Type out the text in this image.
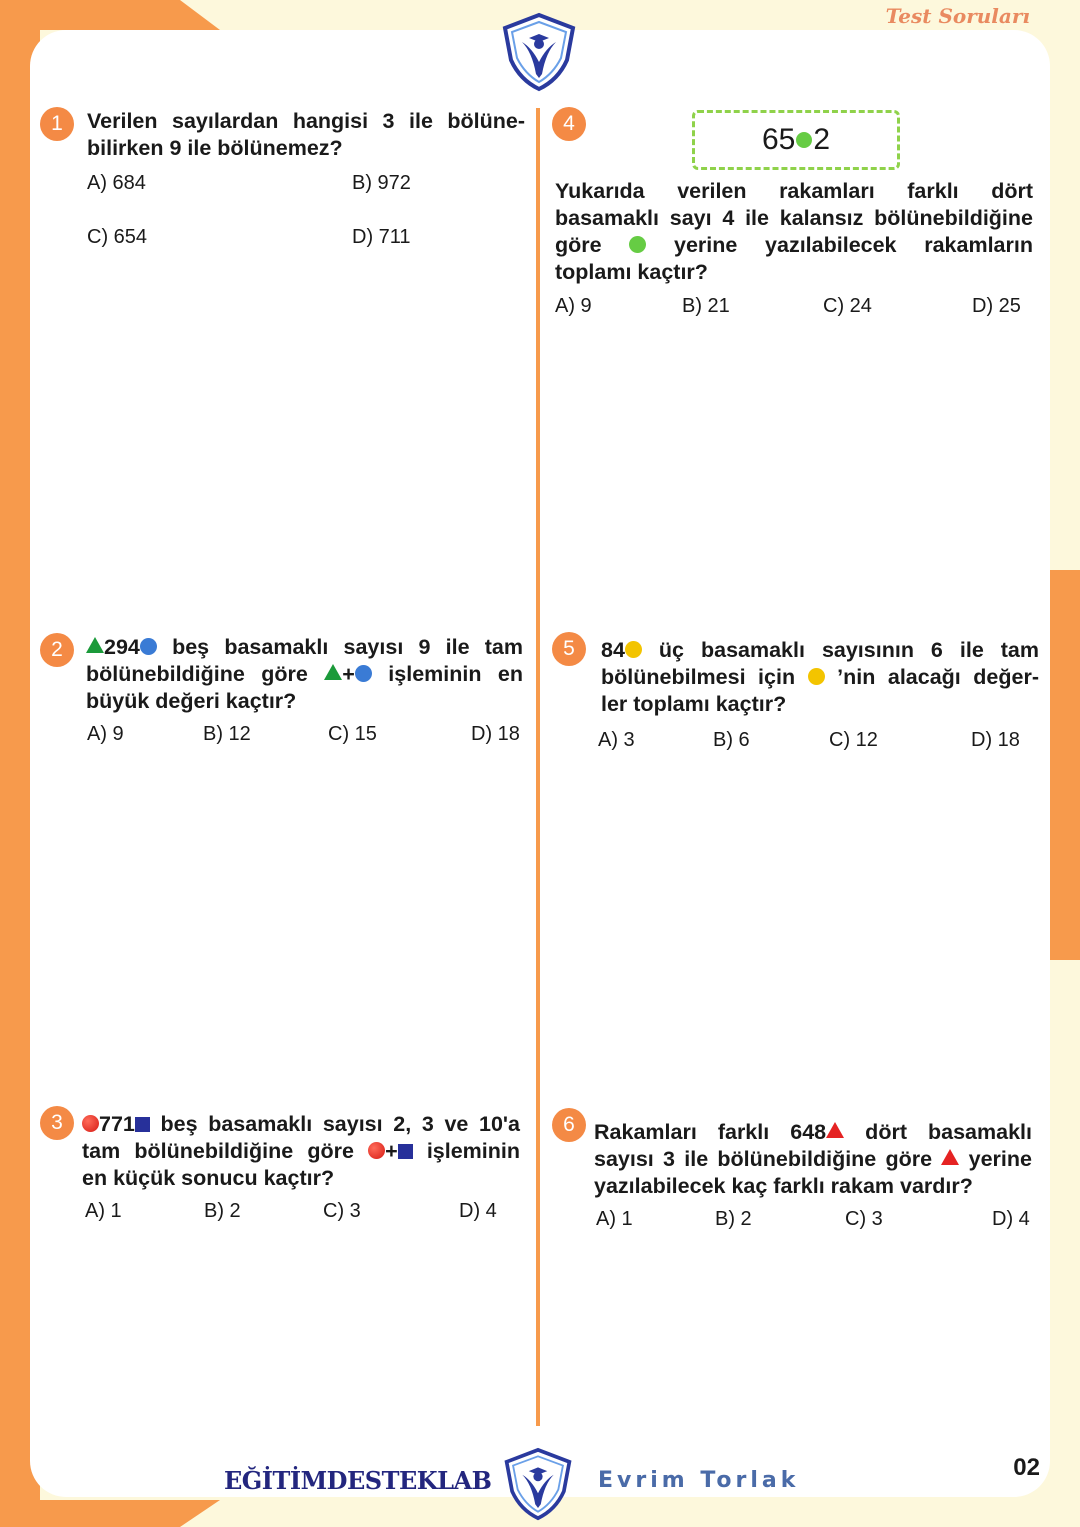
Test Soruları
1	Verilen sayılardan hangisi 3 ile bölüne-
bilirken 9 ile bölünemez?
A) 684	B) 972
C) 654	D) 711
2	294 beş basamaklı sayısı 9 ile tam
bölünebildiğine göre + işleminin en
büyük değeri kaçtır?
A) 9	B) 12	C) 15	D) 18
3	771 beş basamaklı sayısı 2, 3 ve 10'a
tam bölünebildiğine göre + işleminin
en küçük sonucu kaçtır?
A) 1	B) 2	C) 3	D) 4
4	65 2
Yukarıda verilen rakamları farklı dört
basamaklı sayı 4 ile kalansız bölünebildiğine
göre  yerine yazılabilecek rakamların
toplamı kaçtır?
A) 9	B) 21	C) 24	D) 25
5	84 üç basamaklı sayısının 6 ile tam
bölünebilmesi için  ’nin alacağı değer-
ler toplamı kaçtır?
A) 3	B) 6	C) 12	D) 18
6 Rakamları farklı 648 dört basamaklı
sayısı 3 ile bölünebildiğine göre  yerine
yazılabilecek kaç farklı rakam vardır?
A) 1	B) 2	C) 3	D) 4
EĞİTİMDESTEKLAB	Evrim Torlak	02
